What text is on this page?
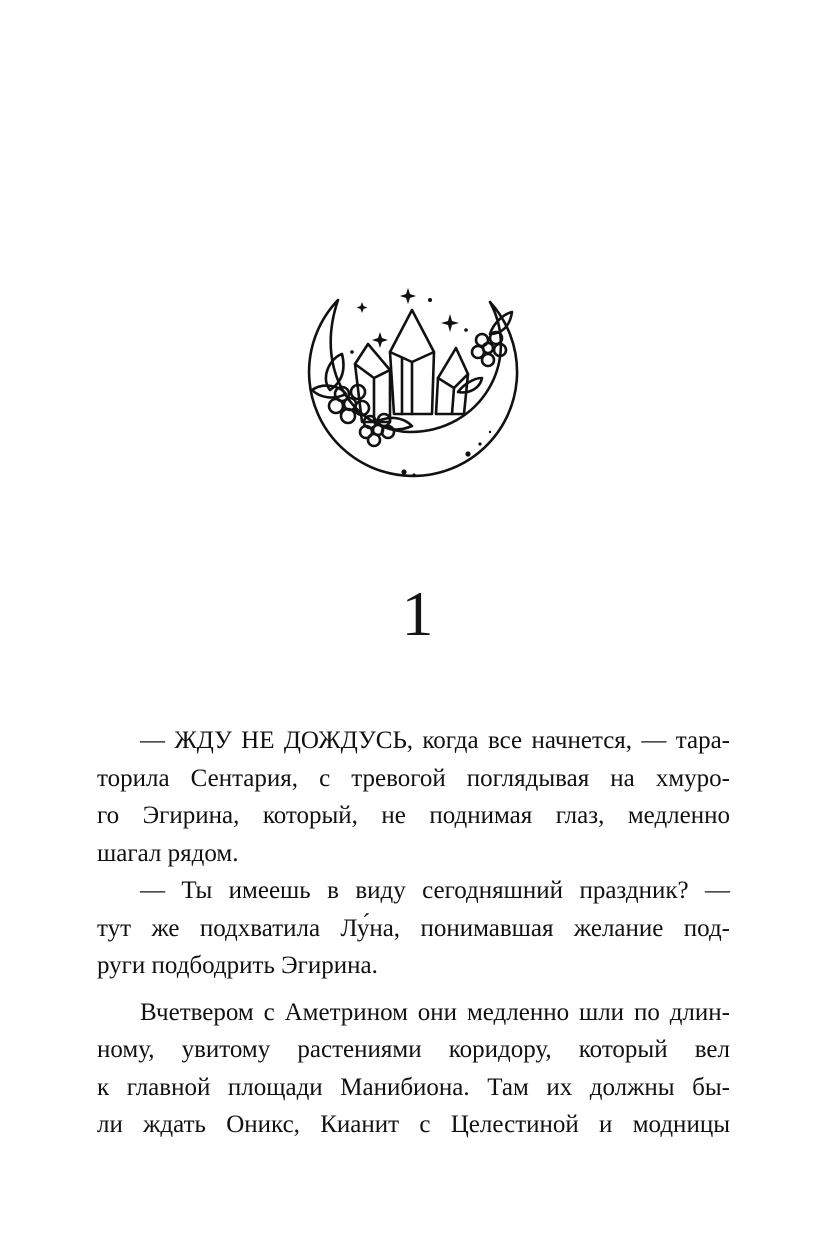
1
— ЖДУ НЕ ДОЖДУСЬ, когда все начнется, — тара-
торила Сентария, с тревогой поглядывая на хмуро-
го Эгирина, который, не поднимая глаз, медленно
шагал рядом.
— Ты имеешь в виду сегодняшний праздник? —
тут же подхватила Лу́на, понимавшая желание под-
руги подбодрить Эгирина.
Вчетвером с Аметрином они медленно шли по длин-
ному, увитому растениями коридору, который вел
к главной площади Манибиона. Там их должны бы-
ли ждать Оникс, Кианит с Целестиной и модницы
